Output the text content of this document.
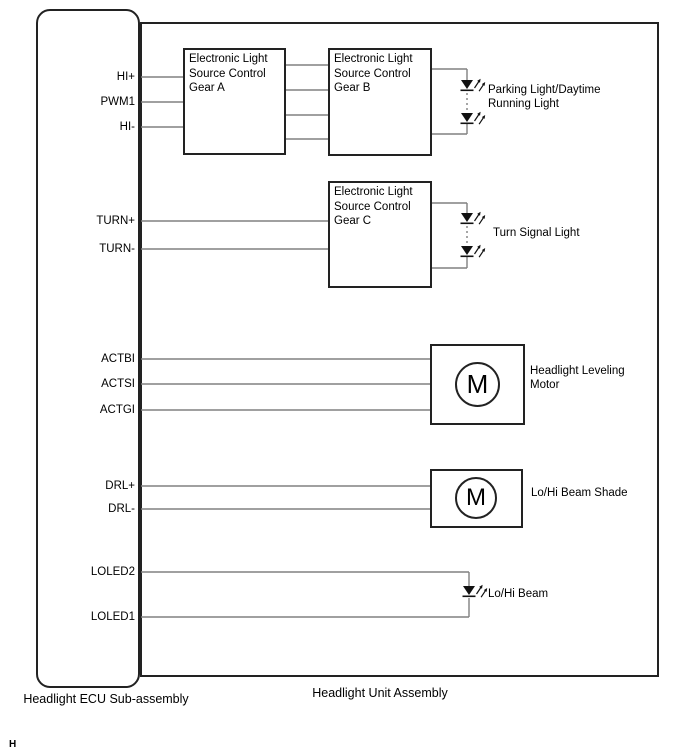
Electronic Light
Source Control
Gear A
Electronic Light
Source Control
Gear B
Electronic Light
Source Control
Gear C
M
M
HI+
PWM1
HI-
TURN+
TURN-
ACTBI
ACTSI
ACTGI
DRL+
DRL-
LOLED2
LOLED1
Parking Light/Daytime
Running Light
Turn Signal Light
Headlight Leveling
Motor
Lo/Hi Beam Shade
Lo/Hi Beam
Headlight ECU Sub-assembly	Headlight Unit Assembly
H
